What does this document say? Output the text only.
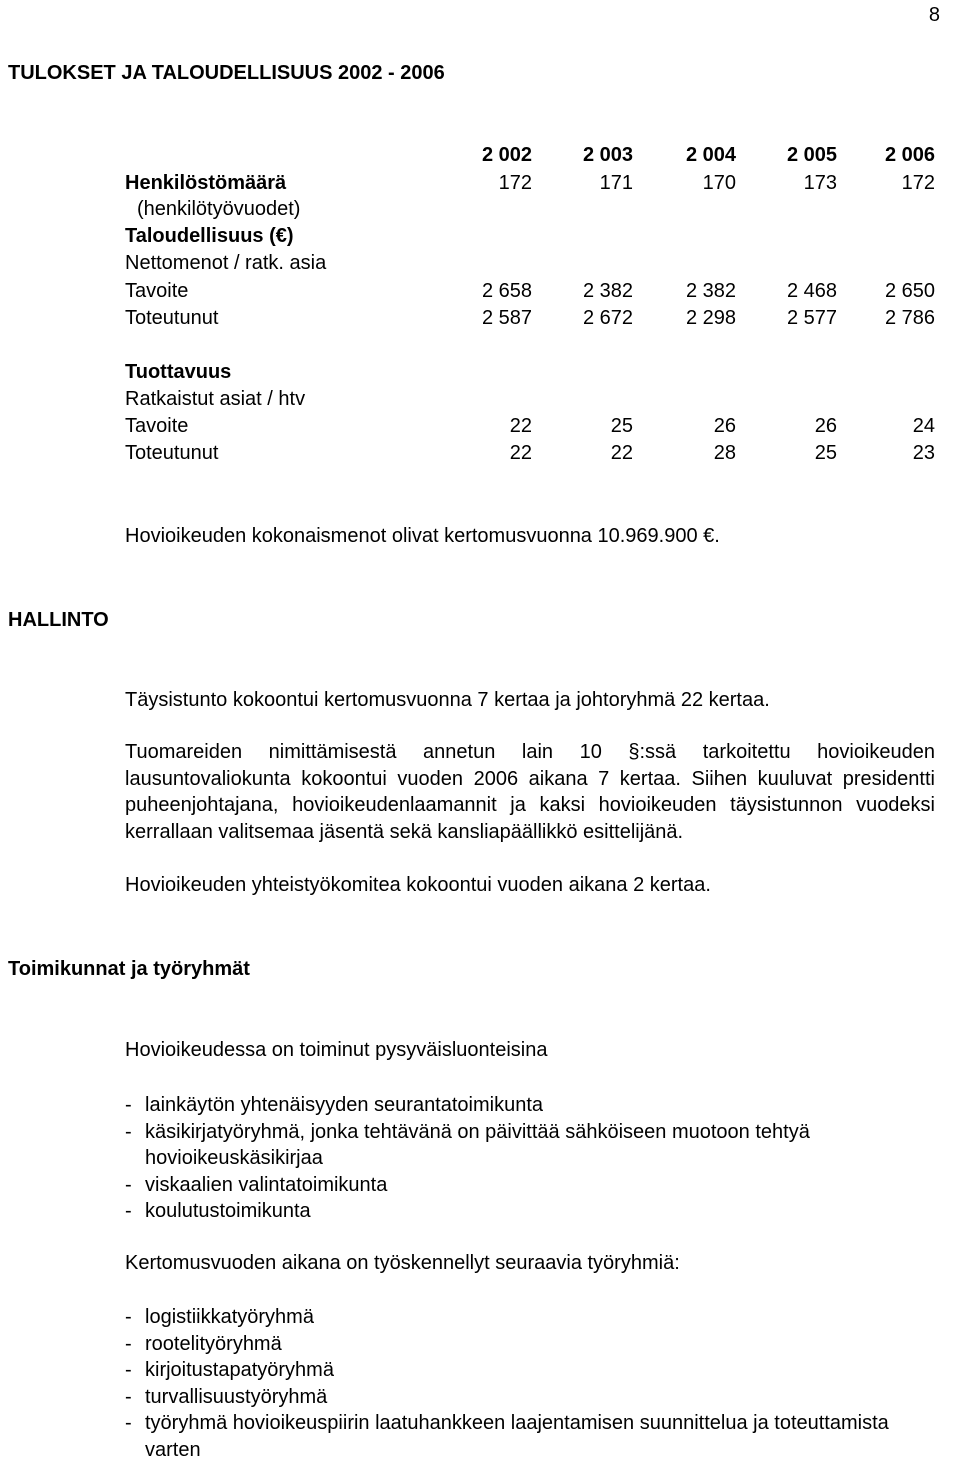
8
TULOKSET JA TALOUDELLISUUS 2002 - 2006
2 002	2 003	2 004	2 005	2 006
Henkilöstömäärä	172	171	170	173	172
(henkilötyövuodet)
Taloudellisuus (€)
Nettomenot / ratk. asia
Tavoite	2 658	2 382	2 382	2 468	2 650
Toteutunut	2 587	2 672	2 298	2 577	2 786
Tuottavuus
Ratkaistut asiat / htv
Tavoite	22	25	26	26	24
Toteutunut	22	22	28	25	23
Hovioikeuden kokonaismenot olivat kertomusvuonna 10.969.900 €.
HALLINTO
Täysistunto kokoontui kertomusvuonna 7 kertaa ja johtoryhmä 22 kertaa.
Tuomareiden nimittämisestä annetun lain 10 §:ssä tarkoitettu hovioikeuden lausuntovaliokunta kokoontui vuoden 2006 aikana 7 kertaa. Siihen kuuluvat presidentti puheenjohtajana, hovioikeudenlaamannit ja kaksi hovioikeuden täysistunnon vuodeksi kerrallaan valitsemaa jäsentä sekä kansliapäällikkö esittelijänä.
Hovioikeuden yhteistyökomitea kokoontui vuoden aikana 2 kertaa.
Toimikunnat ja työryhmät
Hovioikeudessa on toiminut pysyväisluonteisina
- lainkäytön yhtenäisyyden seurantatoimikunta
- käsikirjatyöryhmä, jonka tehtävänä on päivittää sähköiseen muotoon tehtyä hovioikeuskäsikirjaa
- viskaalien valintatoimikunta
- koulutustoimikunta
Kertomusvuoden aikana on työskennellyt seuraavia työryhmiä:
- logistiikkatyöryhmä
- rootelityöryhmä
- kirjoitustapatyöryhmä
- turvallisuustyöryhmä
- työryhmä hovioikeuspiirin laatuhankkeen laajentamisen suunnittelua ja toteuttamista varten
